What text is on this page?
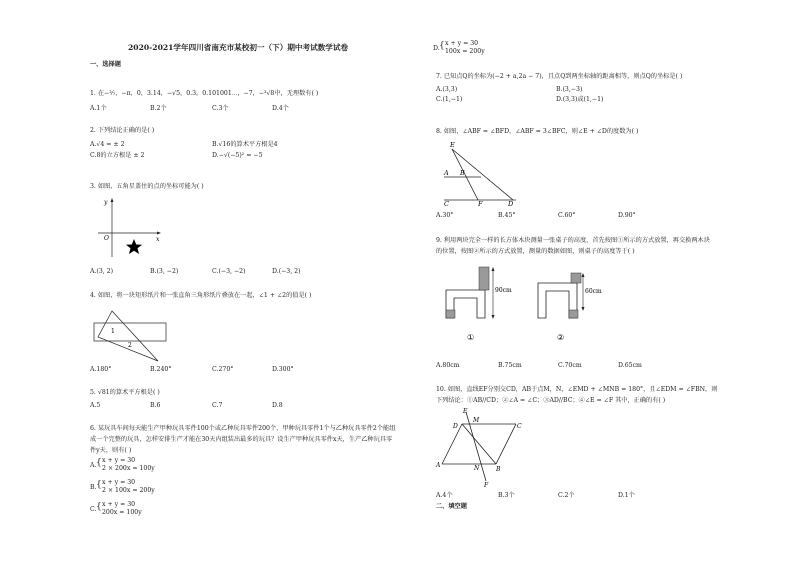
2020-2021学年四川省南充市某校初一（下）期中考试数学试卷
一、选择题
1. 在−²⁄₇，−π，0，3.14，−√5，0.3，0.101001⋯，−7，−³√8中，无理数有( )
A.1个	B.2个	C.3个	D.4个
2. 下列结论正确的是( )
A.√4 = ± 2	B.√16的算术平方根是4
C.8的立方根是 ± 2	D.−√(−5)² = −5
3. 如图，五角星盖住的点的坐标可能为( )
y
x
O
A.(3, 2)	B.(3, −2)	C.(−3, −2)	D.(−3, 2)
4. 如图，将一块矩形纸片和一张直角三角形纸片叠放在一起，∠1 + ∠2的值是( )
1
2
A.180°	B.240°	C.270°	D.300°
5. √81的算术平方根是( )
A.5	B.6	C.7	D.8
6. 某玩具车间每天能生产甲种玩具零件100个或乙种玩具零件200个，甲种玩具零件1个与乙种玩具零件2个能组成一个完整的玩具，怎样安排生产才能在30天内组装出最多的玩具？设生产甲种玩具零件x天，生产乙种玩具零件y天，则有( )
A. { x + y = 30
2 × 200x = 100y
B. { x + y = 30
2 × 100x = 200y
C. { x + y = 30
200x = 100y
D. { x + y = 30
100x = 200y
7. 已知点Q的坐标为(−2 + a,2a − 7)，且点Q到两坐标轴的距离相等，则点Q的坐标是( )
A.(3,3)	B.(3,−3)
C.(1,−1)	D.(3,3)或(1,−1)
8. 如图，∠ABF = ∠BFD，∠ABF = 3∠BFC，则∠E + ∠D的度数为( )
E
A B
C	F	D
A.30°	B.45°	C.60°	D.90°
9. 利用两块完全一样的长方体木块测量一张桌子的高度，首先按图①所示的方式放置，再交换两木块的位置，按图②所示的方式放置，测量的数据如图，则桌子的高度等于( )
90cm
①
60cm
②
A.80cm	B.75cm	C.70cm	D.65cm
10. 如图，直线EF分别交CD，AB于点M，N，∠EMD + ∠MNB = 180°，且∠EDM = ∠FBN，则下列结论：①AB//CD；②∠A = ∠C；③AD//BC；④∠E = ∠F 其中，正确的有( )
E
D
M
C
A	N	B
F
A.4个	B.3个	C.2个	D.1个
二、填空题
